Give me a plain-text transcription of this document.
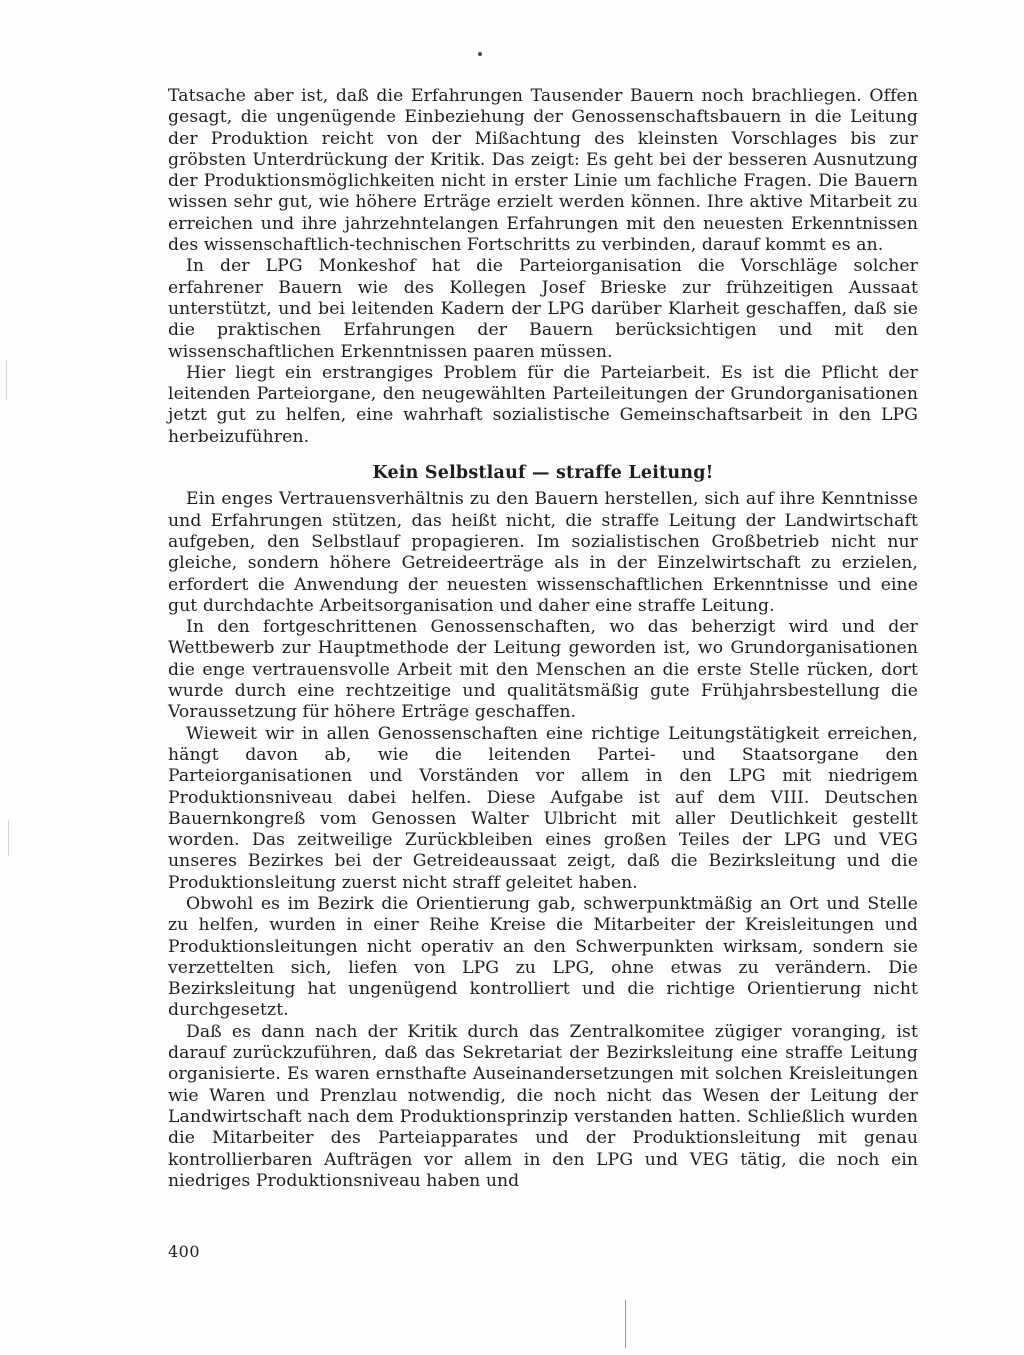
Tatsache aber ist, daß die Erfahrungen Tausender Bauern noch brachliegen. Offen gesagt, die ungenügende Einbeziehung der Genossenschaftsbauern in die Leitung der Produktion reicht von der Mißachtung des kleinsten Vorschlages bis zur gröbsten Unterdrückung der Kritik. Das zeigt: Es geht bei der besseren Ausnutzung der Produktionsmöglichkeiten nicht in erster Linie um fachliche Fragen. Die Bauern wissen sehr gut, wie höhere Erträge erzielt werden können. Ihre aktive Mitarbeit zu erreichen und ihre jahrzehntelangen Erfahrungen mit den neuesten Erkenntnissen des wissenschaftlich-technischen Fortschritts zu verbinden, darauf kommt es an.

In der LPG Monkeshof hat die Parteiorganisation die Vorschläge solcher erfahrener Bauern wie des Kollegen Josef Brieske zur frühzeitigen Aussaat unterstützt, und bei leitenden Kadern der LPG darüber Klarheit geschaffen, daß sie die praktischen Erfahrungen der Bauern berücksichtigen und mit den wissenschaftlichen Erkenntnissen paaren müssen.

Hier liegt ein erstrangiges Problem für die Parteiarbeit. Es ist die Pflicht der leitenden Parteiorgane, den neugewählten Parteileitungen der Grundorganisationen jetzt gut zu helfen, eine wahrhaft sozialistische Gemeinschaftsarbeit in den LPG herbeizuführen.

Kein Selbstlauf — straffe Leitung!

Ein enges Vertrauensverhältnis zu den Bauern herstellen, sich auf ihre Kenntnisse und Erfahrungen stützen, das heißt nicht, die straffe Leitung der Landwirtschaft aufgeben, den Selbstlauf propagieren. Im sozialistischen Großbetrieb nicht nur gleiche, sondern höhere Getreideerträge als in der Einzelwirtschaft zu erzielen, erfordert die Anwendung der neuesten wissenschaftlichen Erkenntnisse und eine gut durchdachte Arbeitsorganisation und daher eine straffe Leitung.

In den fortgeschrittenen Genossenschaften, wo das beherzigt wird und der Wettbewerb zur Hauptmethode der Leitung geworden ist, wo Grundorganisationen die enge vertrauensvolle Arbeit mit den Menschen an die erste Stelle rücken, dort wurde durch eine rechtzeitige und qualitätsmäßig gute Frühjahrsbestellung die Voraussetzung für höhere Erträge geschaffen.

Wieweit wir in allen Genossenschaften eine richtige Leitungstätigkeit erreichen, hängt davon ab, wie die leitenden Partei- und Staatsorgane den Parteiorganisationen und Vorständen vor allem in den LPG mit niedrigem Produktionsniveau dabei helfen. Diese Aufgabe ist auf dem VIII. Deutschen Bauernkongreß vom Genossen Walter Ulbricht mit aller Deutlichkeit gestellt worden. Das zeitweilige Zurückbleiben eines großen Teiles der LPG und VEG unseres Bezirkes bei der Getreideaussaat zeigt, daß die Bezirksleitung und die Produktionsleitung zuerst nicht straff geleitet haben.

Obwohl es im Bezirk die Orientierung gab, schwerpunktmäßig an Ort und Stelle zu helfen, wurden in einer Reihe Kreise die Mitarbeiter der Kreisleitungen und Produktionsleitungen nicht operativ an den Schwerpunkten wirksam, sondern sie verzettelten sich, liefen von LPG zu LPG, ohne etwas zu verändern. Die Bezirksleitung hat ungenügend kontrolliert und die richtige Orientierung nicht durchgesetzt.

Daß es dann nach der Kritik durch das Zentralkomitee zügiger voranging, ist darauf zurückzuführen, daß das Sekretariat der Bezirksleitung eine straffe Leitung organisierte. Es waren ernsthafte Auseinandersetzungen mit solchen Kreisleitungen wie Waren und Prenzlau notwendig, die noch nicht das Wesen der Leitung der Landwirtschaft nach dem Produktionsprinzip verstanden hatten. Schließlich wurden die Mitarbeiter des Parteiapparates und der Produktionsleitung mit genau kontrollierbaren Aufträgen vor allem in den LPG und VEG tätig, die noch ein niedriges Produktionsniveau haben und

400
